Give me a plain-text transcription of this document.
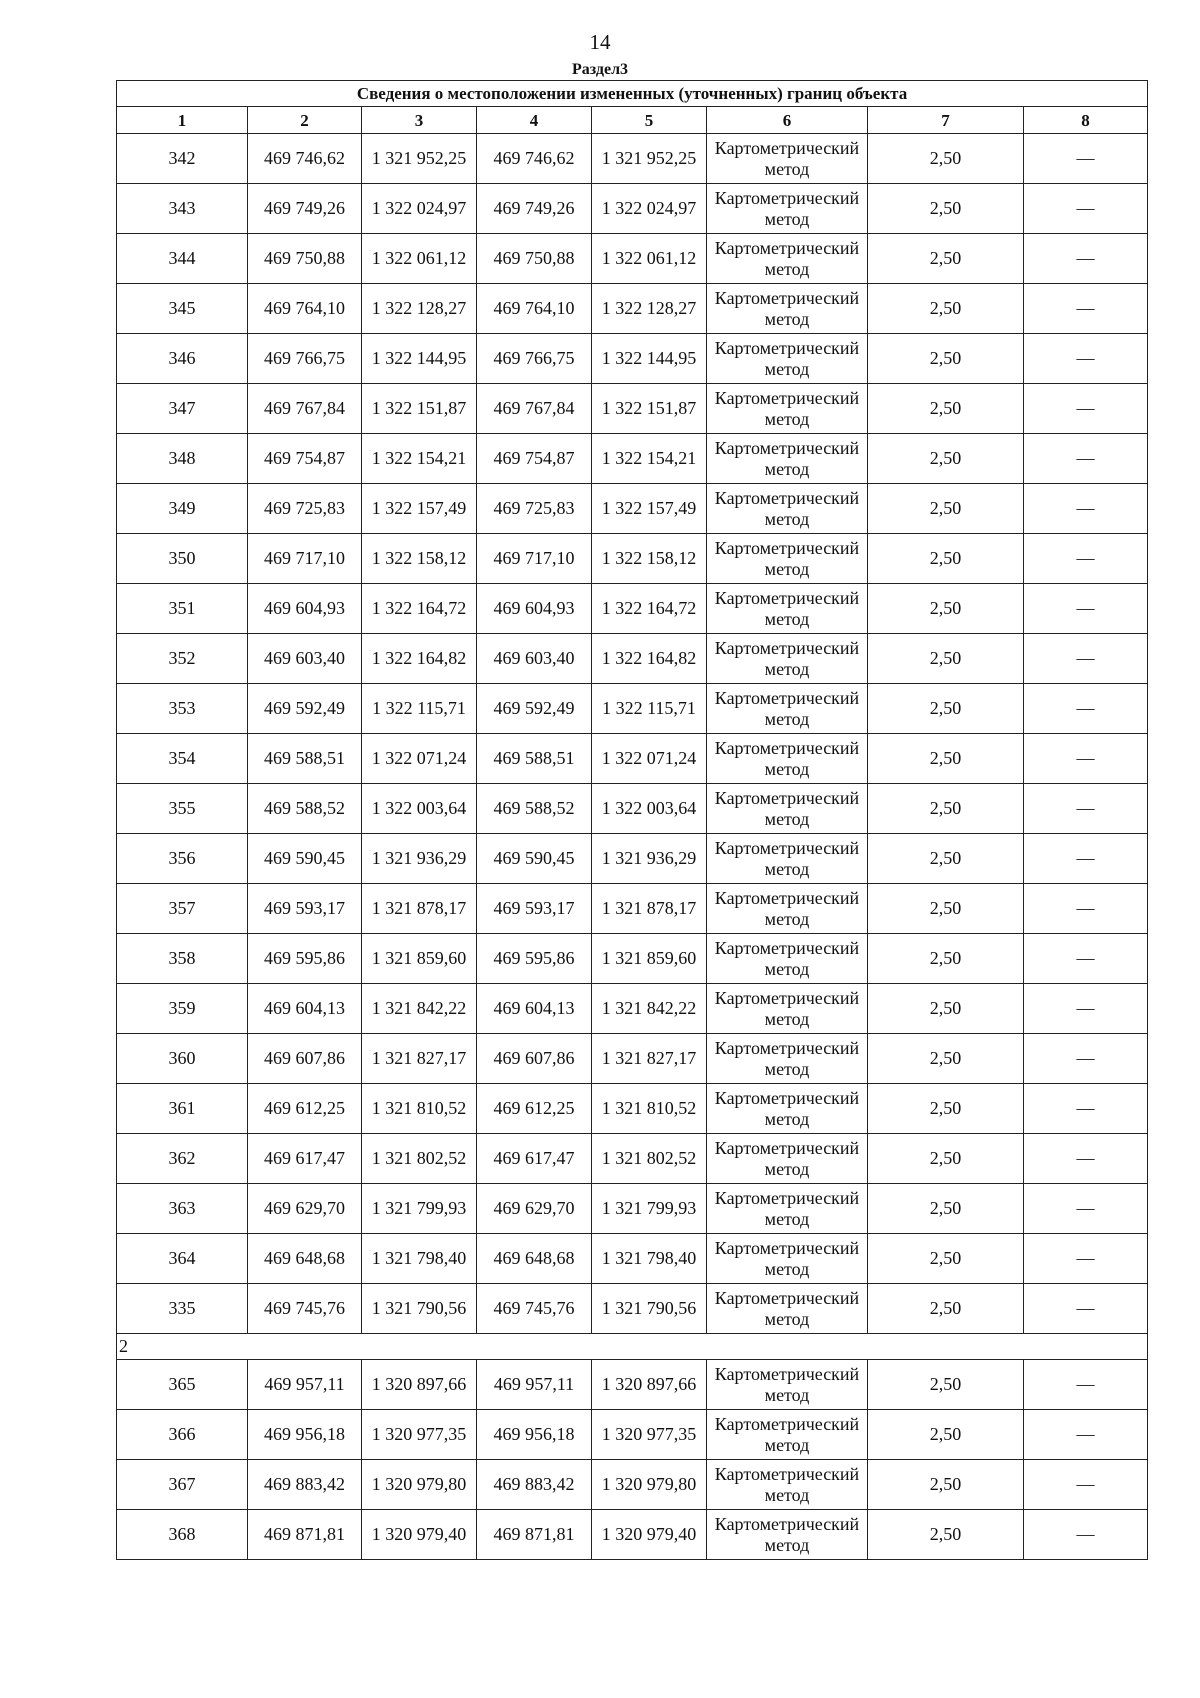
14
Раздел3
Сведения о местоположении измененных (уточненных) границ объекта							
1	2	3	4	5	6	7	8
342	469 746,62	1 321 952,25	469 746,62	1 321 952,25	Картометрический метод	2,50	—
343	469 749,26	1 322 024,97	469 749,26	1 322 024,97	Картометрический метод	2,50	—
344	469 750,88	1 322 061,12	469 750,88	1 322 061,12	Картометрический метод	2,50	—
345	469 764,10	1 322 128,27	469 764,10	1 322 128,27	Картометрический метод	2,50	—
346	469 766,75	1 322 144,95	469 766,75	1 322 144,95	Картометрический метод	2,50	—
347	469 767,84	1 322 151,87	469 767,84	1 322 151,87	Картометрический метод	2,50	—
348	469 754,87	1 322 154,21	469 754,87	1 322 154,21	Картометрический метод	2,50	—
349	469 725,83	1 322 157,49	469 725,83	1 322 157,49	Картометрический метод	2,50	—
350	469 717,10	1 322 158,12	469 717,10	1 322 158,12	Картометрический метод	2,50	—
351	469 604,93	1 322 164,72	469 604,93	1 322 164,72	Картометрический метод	2,50	—
352	469 603,40	1 322 164,82	469 603,40	1 322 164,82	Картометрический метод	2,50	—
353	469 592,49	1 322 115,71	469 592,49	1 322 115,71	Картометрический метод	2,50	—
354	469 588,51	1 322 071,24	469 588,51	1 322 071,24	Картометрический метод	2,50	—
355	469 588,52	1 322 003,64	469 588,52	1 322 003,64	Картометрический метод	2,50	—
356	469 590,45	1 321 936,29	469 590,45	1 321 936,29	Картометрический метод	2,50	—
357	469 593,17	1 321 878,17	469 593,17	1 321 878,17	Картометрический метод	2,50	—
358	469 595,86	1 321 859,60	469 595,86	1 321 859,60	Картометрический метод	2,50	—
359	469 604,13	1 321 842,22	469 604,13	1 321 842,22	Картометрический метод	2,50	—
360	469 607,86	1 321 827,17	469 607,86	1 321 827,17	Картометрический метод	2,50	—
361	469 612,25	1 321 810,52	469 612,25	1 321 810,52	Картометрический метод	2,50	—
362	469 617,47	1 321 802,52	469 617,47	1 321 802,52	Картометрический метод	2,50	—
363	469 629,70	1 321 799,93	469 629,70	1 321 799,93	Картометрический метод	2,50	—
364	469 648,68	1 321 798,40	469 648,68	1 321 798,40	Картометрический метод	2,50	—
335	469 745,76	1 321 790,56	469 745,76	1 321 790,56	Картометрический метод	2,50	—
2							
365	469 957,11	1 320 897,66	469 957,11	1 320 897,66	Картометрический метод	2,50	—
366	469 956,18	1 320 977,35	469 956,18	1 320 977,35	Картометрический метод	2,50	—
367	469 883,42	1 320 979,80	469 883,42	1 320 979,80	Картометрический метод	2,50	—
368	469 871,81	1 320 979,40	469 871,81	1 320 979,40	Картометрический метод	2,50	—
